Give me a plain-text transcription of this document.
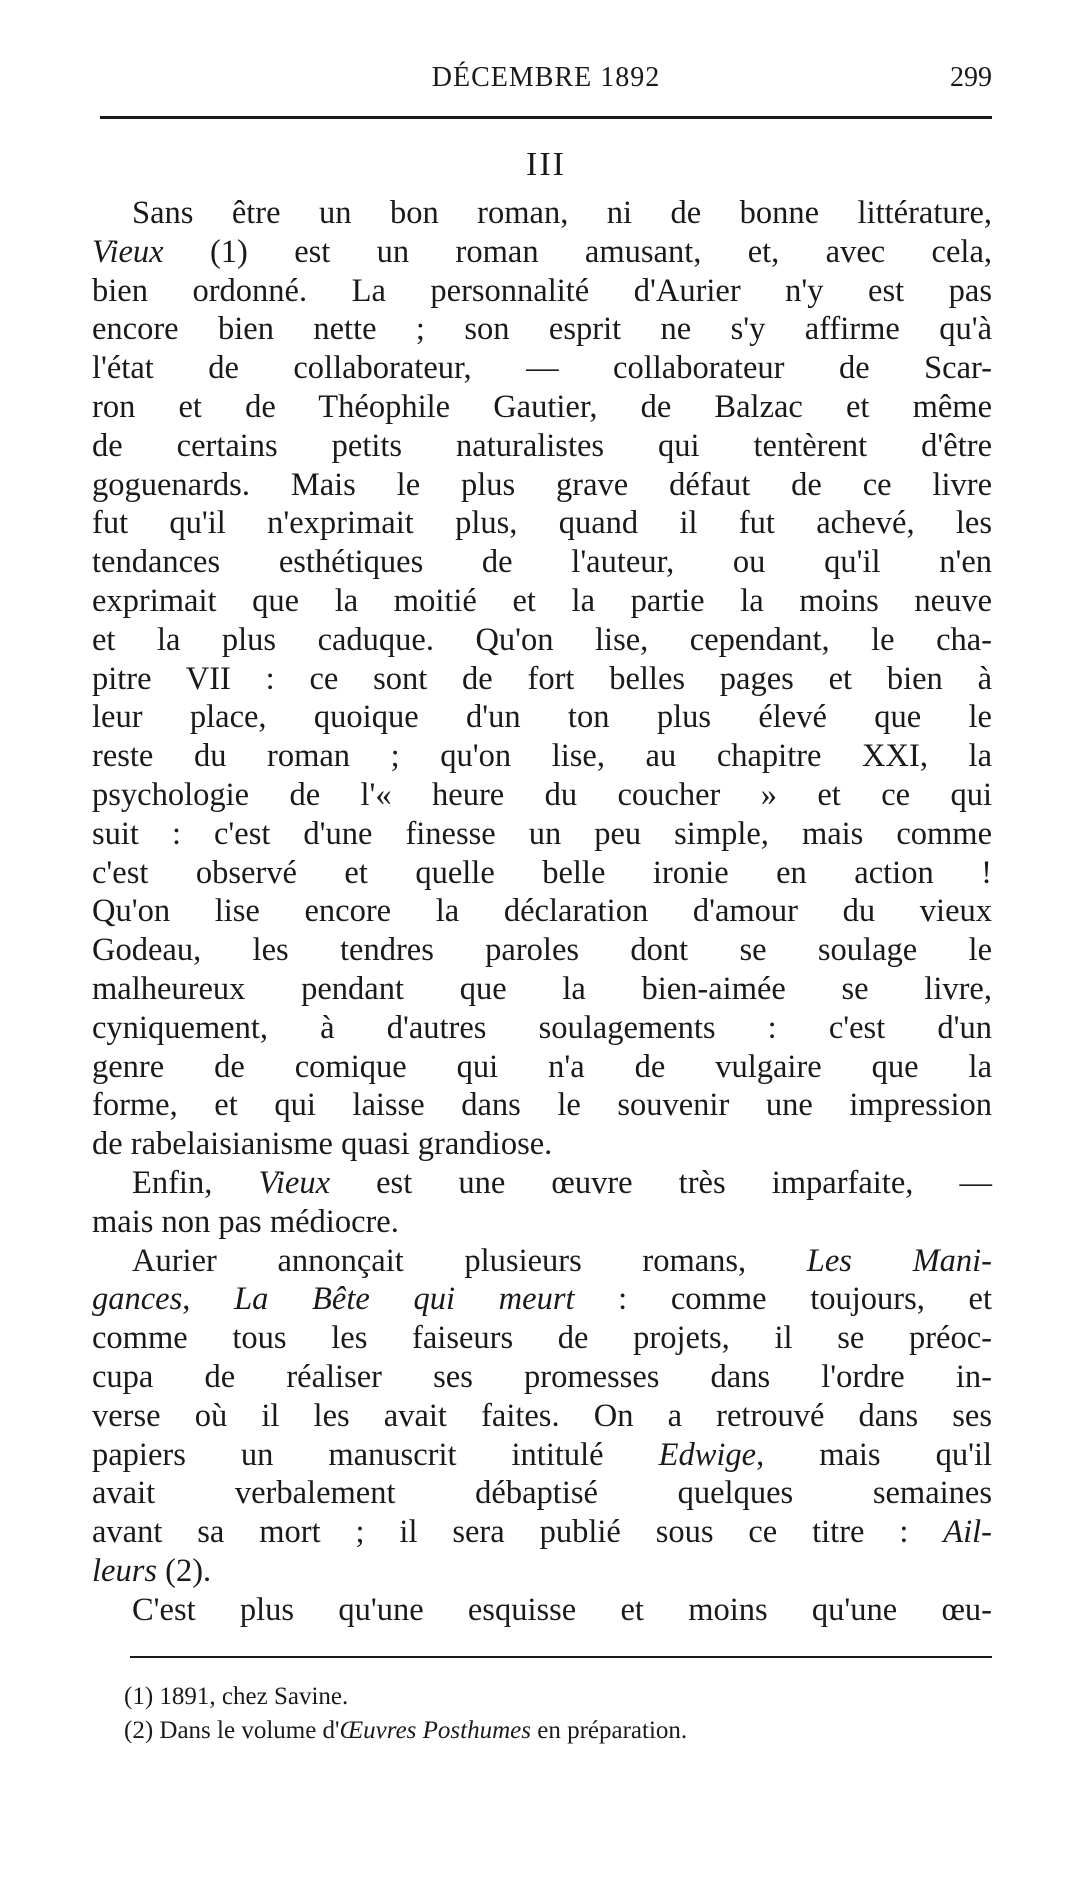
DÉCEMBRE 1892	299
III
Sans être un bon roman, ni de bonne littérature,
Vieux (1) est un roman amusant, et, avec cela,
bien ordonné. La personnalité d'Aurier n'y est pas
encore bien nette ; son esprit ne s'y affirme qu'à
l'état de collaborateur, — collaborateur de Scar-
ron et de Théophile Gautier, de Balzac et même
de certains petits naturalistes qui tentèrent d'être
goguenards. Mais le plus grave défaut de ce livre
fut qu'il n'exprimait plus, quand il fut achevé, les
tendances esthétiques de l'auteur, ou qu'il n'en
exprimait que la moitié et la partie la moins neuve
et la plus caduque. Qu'on lise, cependant, le cha-
pitre VII : ce sont de fort belles pages et bien à
leur place, quoique d'un ton plus élevé que le
reste du roman ; qu'on lise, au chapitre XXI, la
psychologie de l'« heure du coucher » et ce qui
suit : c'est d'une finesse un peu simple, mais comme
c'est observé et quelle belle ironie en action !
Qu'on lise encore la déclaration d'amour du vieux
Godeau, les tendres paroles dont se soulage le
malheureux pendant que la bien-aimée se livre,
cyniquement, à d'autres soulagements : c'est d'un
genre de comique qui n'a de vulgaire que la
forme, et qui laisse dans le souvenir une impression
de rabelaisianisme quasi grandiose.
Enfin, Vieux est une œuvre très imparfaite, —
mais non pas médiocre.
Aurier annonçait plusieurs romans, Les Mani-
gances, La Bête qui meurt : comme toujours, et
comme tous les faiseurs de projets, il se préoc-
cupa de réaliser ses promesses dans l'ordre in-
verse où il les avait faites. On a retrouvé dans ses
papiers un manuscrit intitulé Edwige, mais qu'il
avait verbalement débaptisé quelques semaines
avant sa mort ; il sera publié sous ce titre : Ail-
leurs (2).
C'est plus qu'une esquisse et moins qu'une œu-
(1) 1891, chez Savine.
(2) Dans le volume d'Œuvres Posthumes en préparation.
